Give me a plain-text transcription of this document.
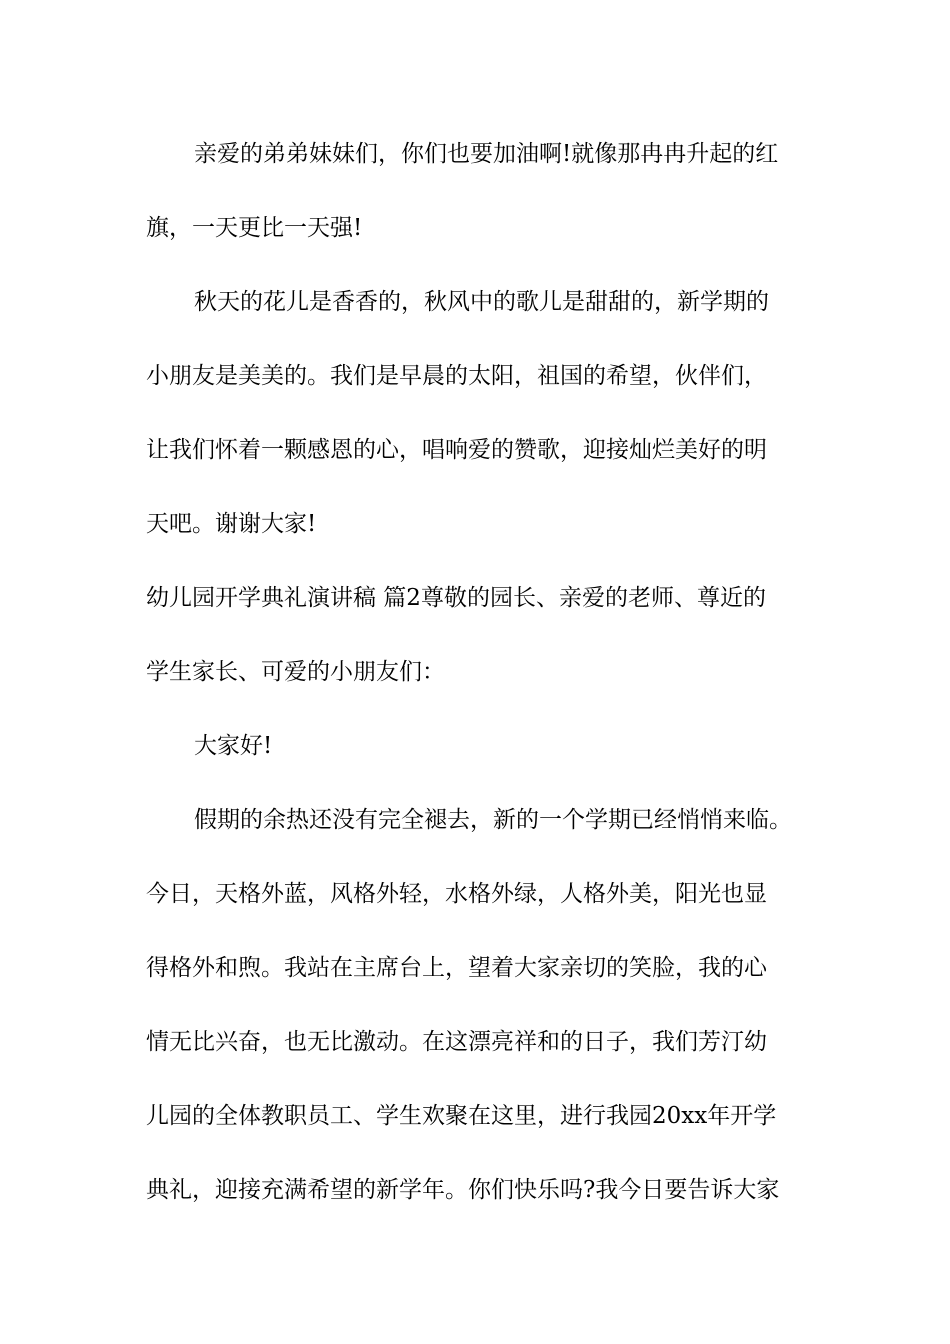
亲爱的弟弟妹妹们，你们也要加油啊!就像那冉冉升起的红
旗，一天更比一天强!
秋天的花儿是香香的，秋风中的歌儿是甜甜的，新学期的
小朋友是美美的。我们是早晨的太阳，祖国的希望，伙伴们，
让我们怀着一颗感恩的心，唱响爱的赞歌，迎接灿烂美好的明
天吧。谢谢大家!
幼儿园开学典礼演讲稿 篇2尊敬的园长、亲爱的老师、尊近的
学生家长、可爱的小朋友们：
大家好!
假期的余热还没有完全褪去，新的一个学期已经悄悄来临。
今日，天格外蓝，风格外轻，水格外绿，人格外美，阳光也显
得格外和煦。我站在主席台上，望着大家亲切的笑脸，我的心
情无比兴奋，也无比激动。在这漂亮祥和的日子，我们芳汀幼
儿园的全体教职员工、学生欢聚在这里，进行我园20xx年开学
典礼，迎接充满希望的新学年。你们快乐吗?我今日要告诉大家
